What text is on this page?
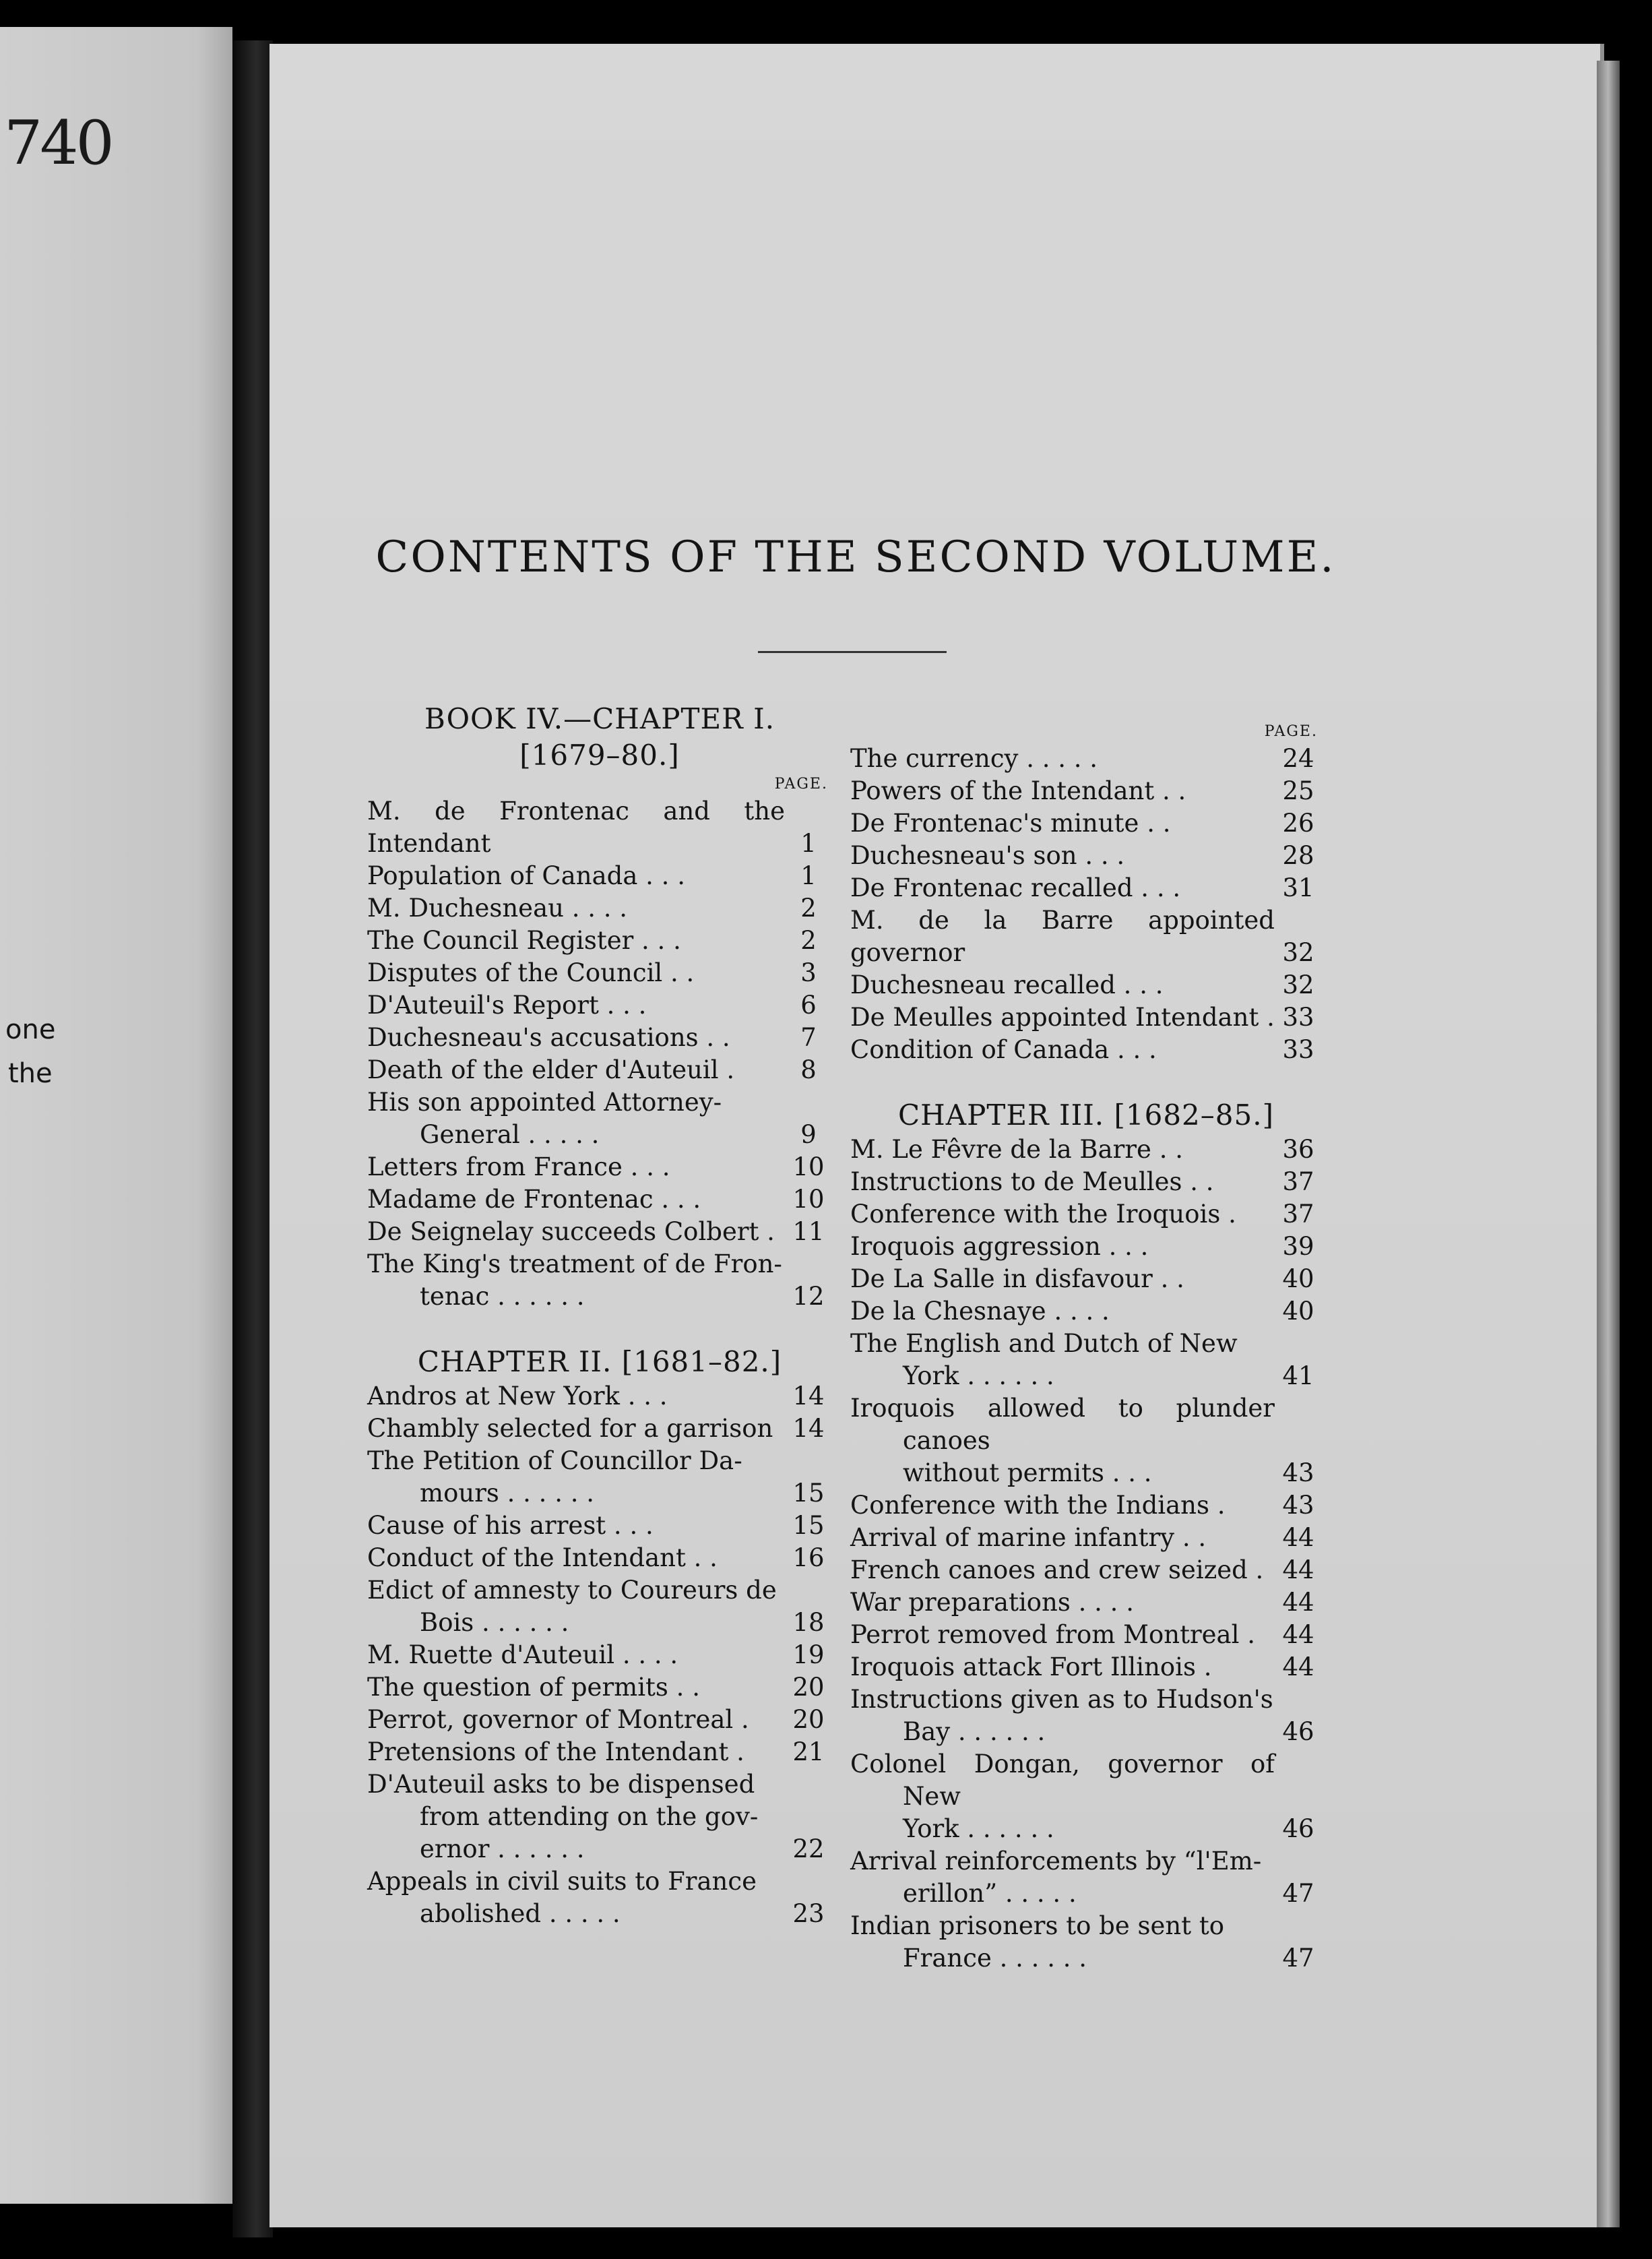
740
one
the
CONTENTS OF THE SECOND VOLUME.
BOOK IV.—CHAPTER I.
[1679–80.]
PAGE.
M. de Frontenac and the Intendant	1
Population of Canada . . .	1
M. Duchesneau . . . .	2
The Council Register . . .	2
Disputes of the Council . .	3
D'Auteuil's Report . . .	6
Duchesneau's accusations . .	7
Death of the elder d'Auteuil .	8
His son appointed Attorney-
General . . . . .	9
Letters from France . . .	10
Madame de Frontenac . . .	10
De Seignelay succeeds Colbert . 11
The King's treatment of de Fron-
tenac . . . . . .	12
CHAPTER II. [1681–82.]
Andros at New York . . .	14
Chambly selected for a garrison 14
The Petition of Councillor Da-
mours . . . . . .	15
Cause of his arrest . . .	15
Conduct of the Intendant . .	16
Edict of amnesty to Coureurs de
Bois . . . . . .	18
M. Ruette d'Auteuil . . . .	19
The question of permits . .	20
Perrot, governor of Montreal .	20
Pretensions of the Intendant .	21
D'Auteuil asks to be dispensed
from attending on the gov-
ernor . . . . . .	22
Appeals in civil suits to France
abolished . . . . .	23
PAGE.
The currency . . . . .	24
Powers of the Intendant . .	25
De Frontenac's minute . .	26
Duchesneau's son . . .	28
De Frontenac recalled . . .	31
M. de la Barre appointed governor	32
Duchesneau recalled . . .	32
De Meulles appointed Intendant . 33
Condition of Canada . . .	33
CHAPTER III. [1682–85.]
M. Le Fêvre de la Barre . .	36
Instructions to de Meulles . .	37
Conference with the Iroquois .	37
Iroquois aggression . . .	39
De La Salle in disfavour . .	40
De la Chesnaye . . . .	40
The English and Dutch of New
York . . . . . .	41
Iroquois allowed to plunder canoes
without permits . . .	43
Conference with the Indians .	43
Arrival of marine infantry . .	44
French canoes and crew seized . 44
War preparations . . . .	44
Perrot removed from Montreal .	44
Iroquois attack Fort Illinois .	44
Instructions given as to Hudson's
Bay . . . . . .	46
Colonel Dongan, governor of New
York . . . . . .	46
Arrival reinforcements by “l'Em-
erillon” . . . . .	47
Indian prisoners to be sent to
France . . . . . .	47
